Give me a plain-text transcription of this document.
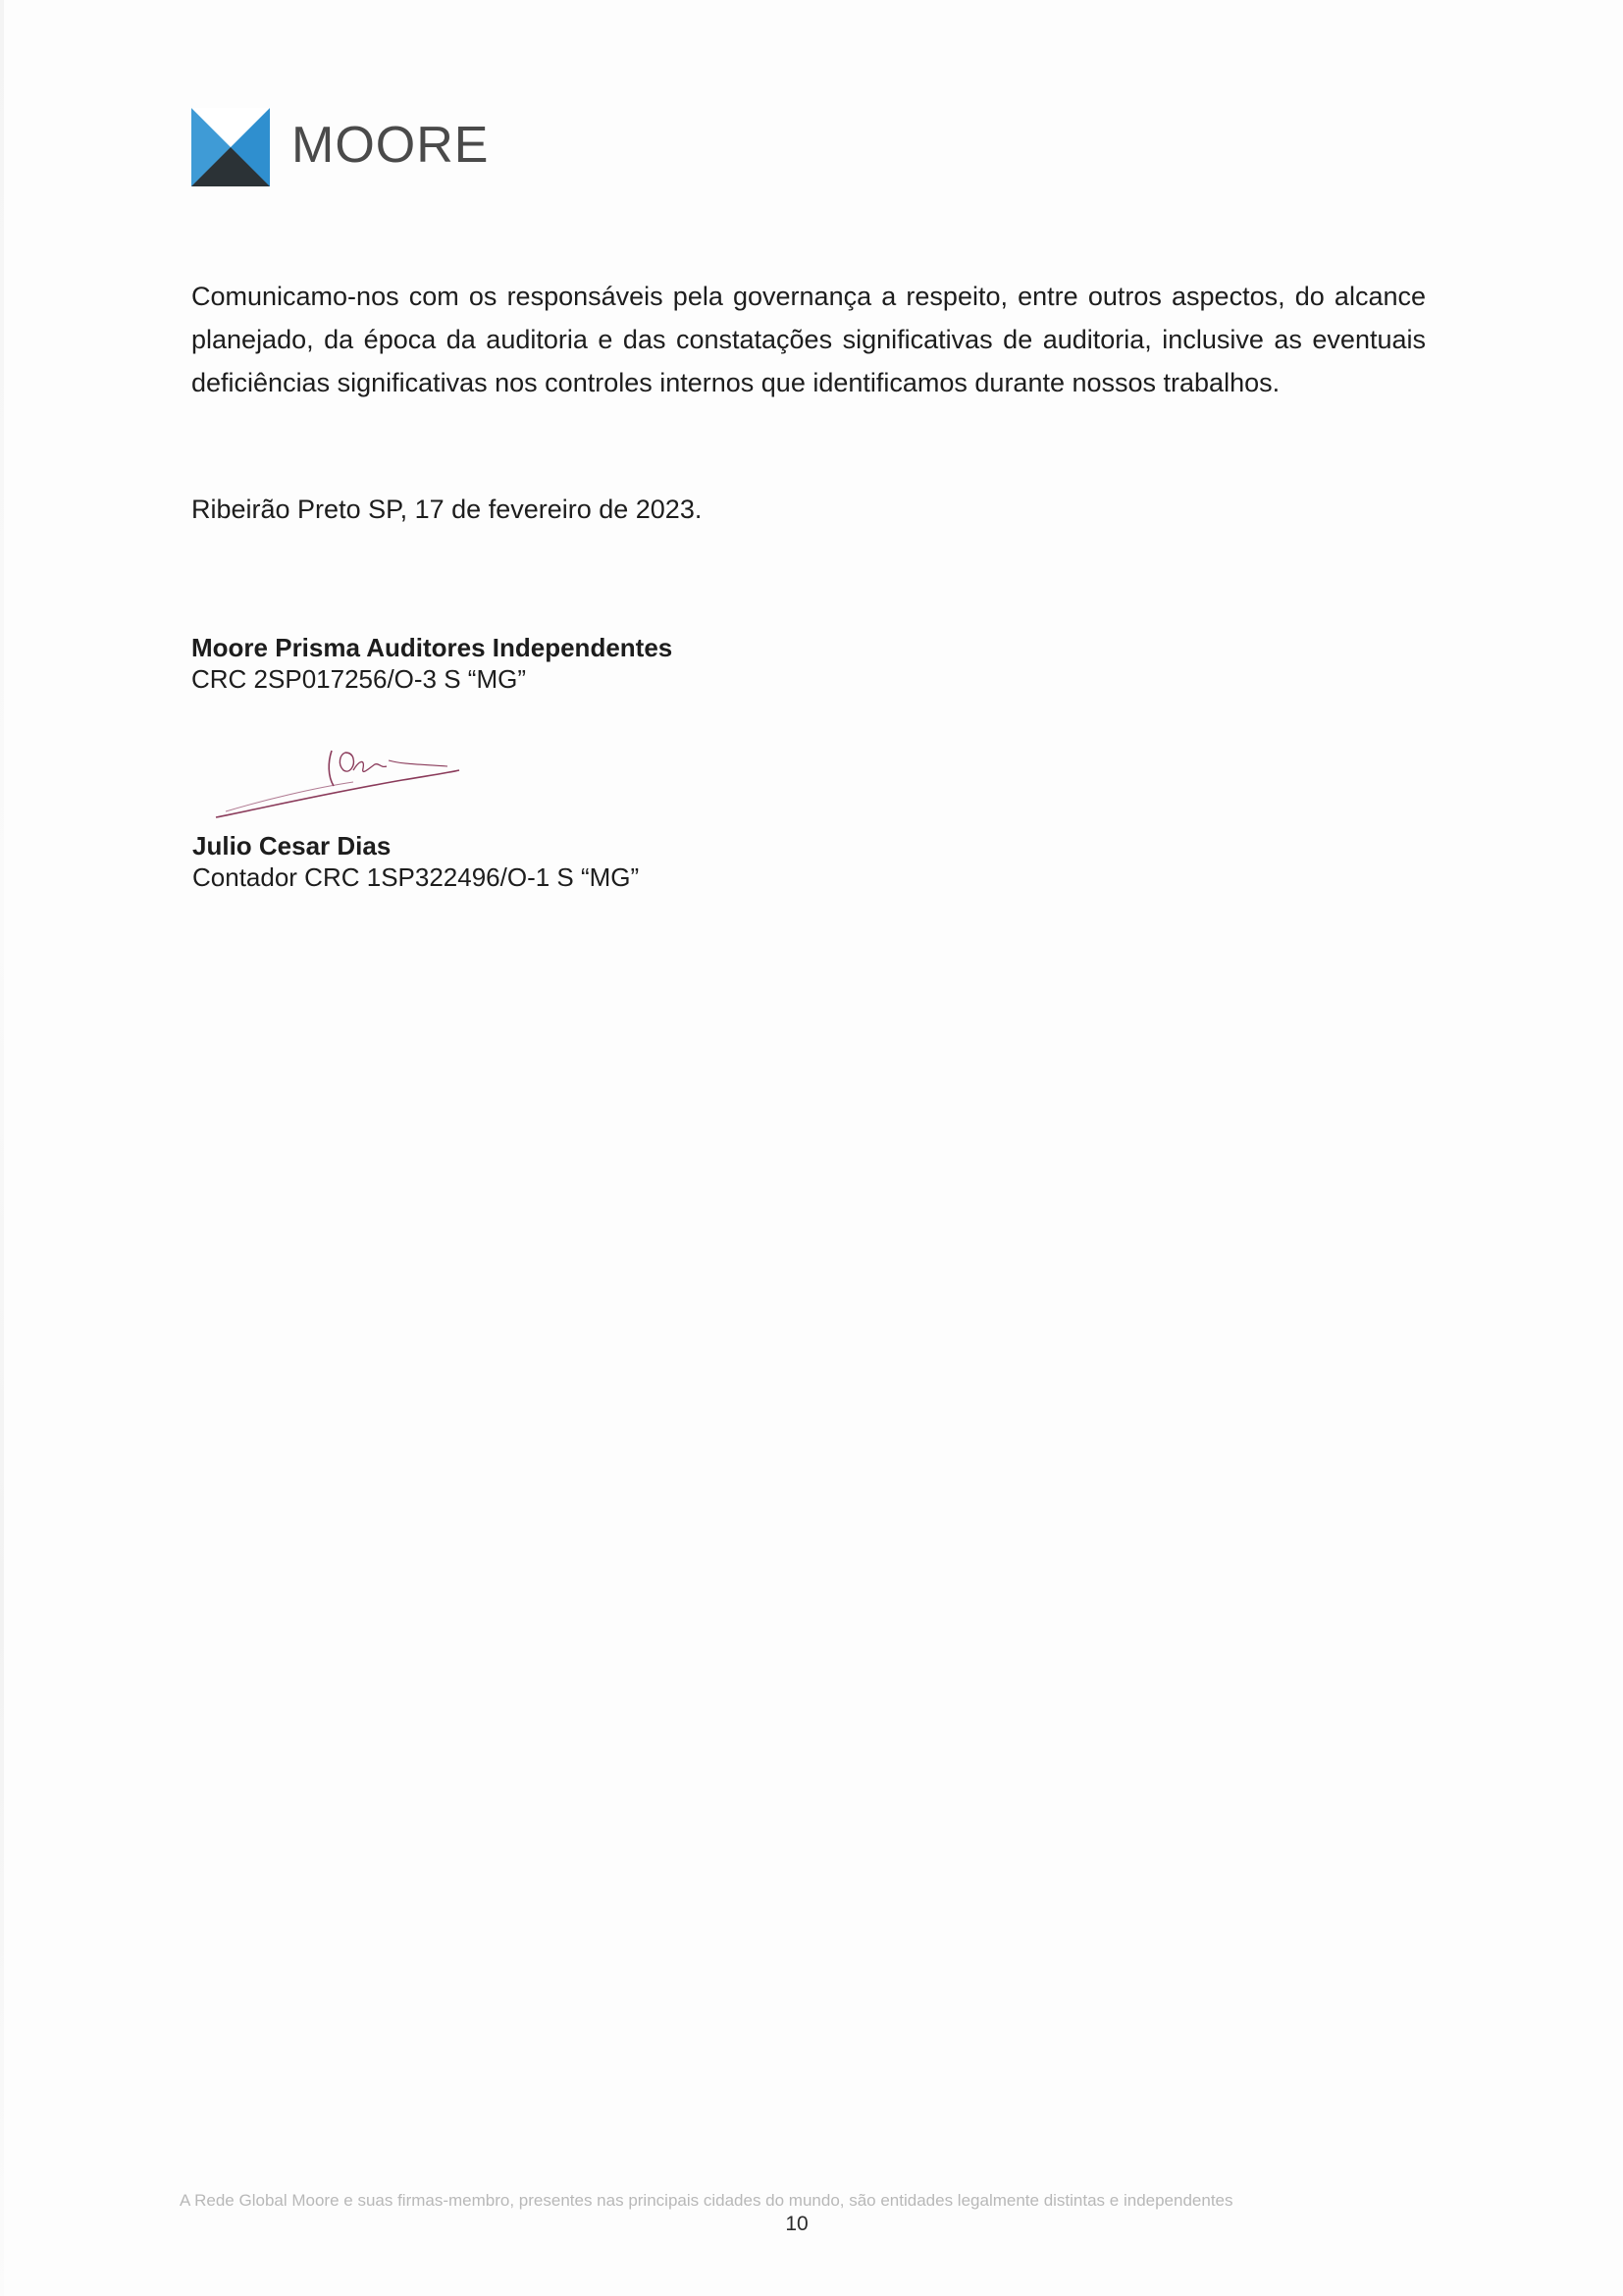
MOORE

Comunicamo-nos com os responsáveis pela governança a respeito, entre outros aspectos, do alcance planejado, da época da auditoria e das constatações significativas de auditoria, inclusive as eventuais deficiências significativas nos controles internos que identificamos durante nossos trabalhos.

Ribeirão Preto SP, 17 de fevereiro de 2023.
Moore Prisma Auditores Independentes
CRC 2SP017256/O-3 S “MG”
Julio Cesar Dias
Contador CRC 1SP322496/O-1 S “MG”
A Rede Global Moore e suas firmas-membro, presentes nas principais cidades do mundo, são entidades legalmente distintas e independentes
10
